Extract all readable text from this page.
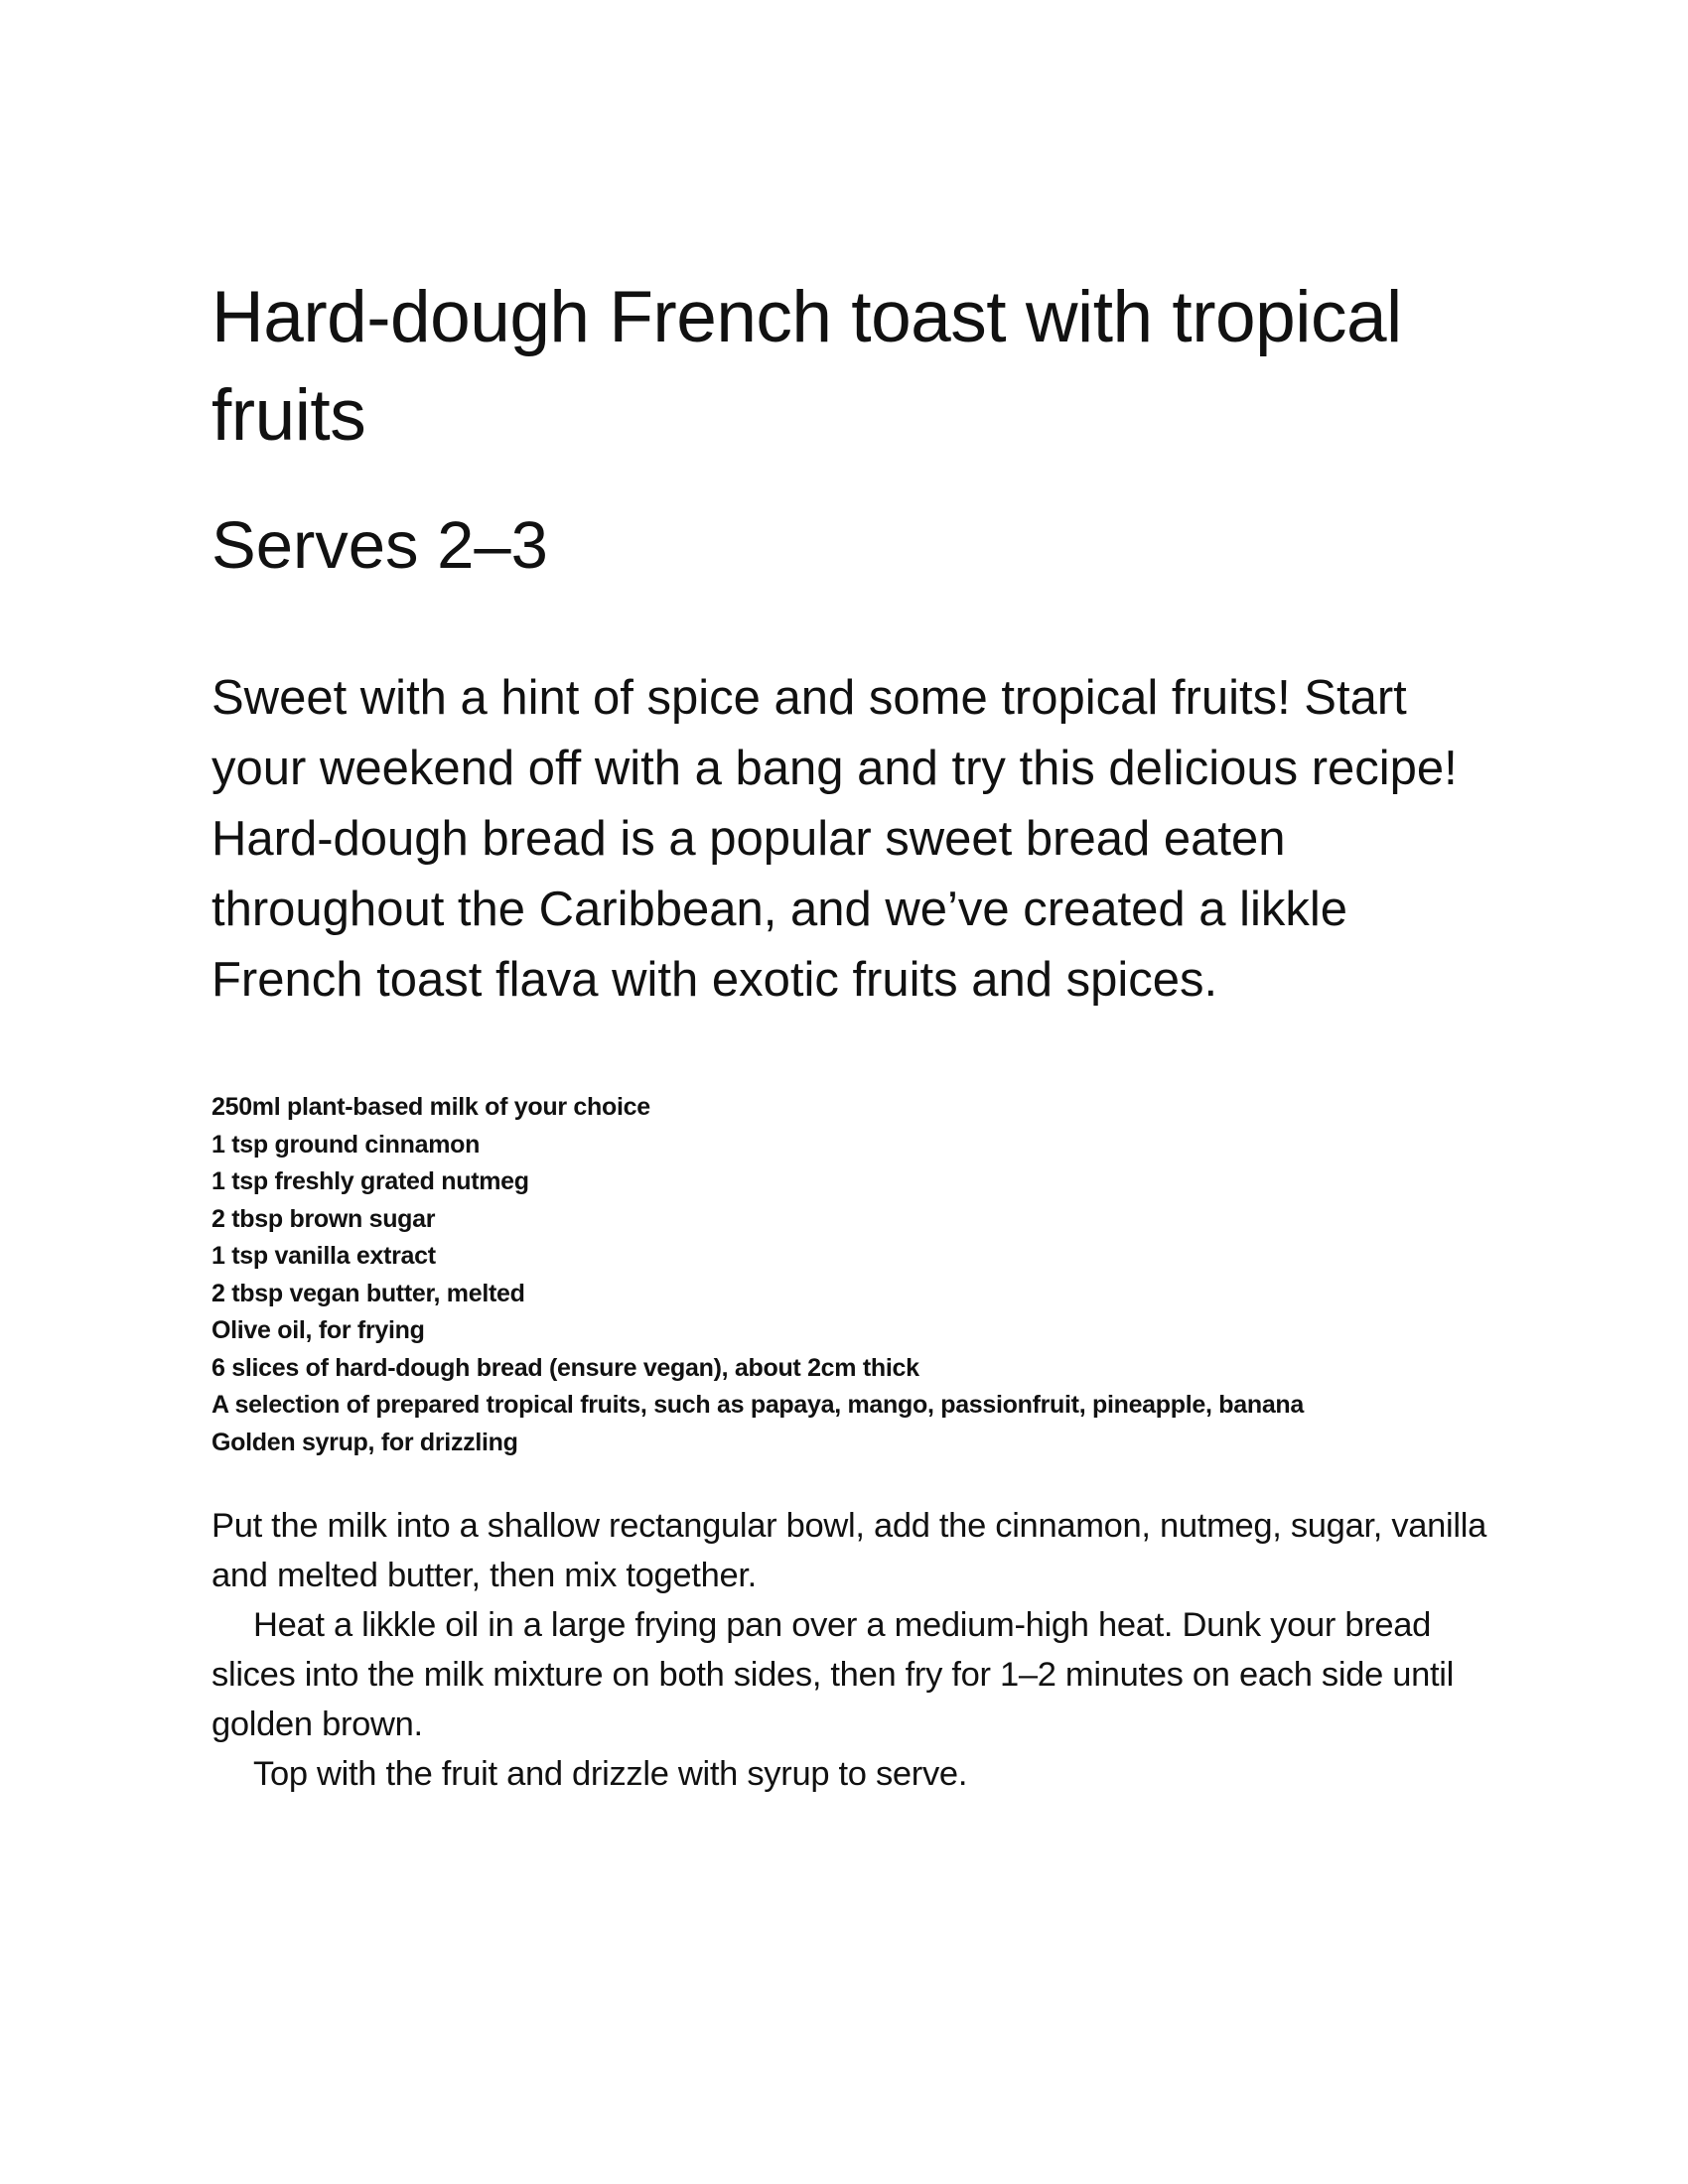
Hard-dough French toast with tropical fruits
Serves 2–3

Sweet with a hint of spice and some tropical fruits! Start your weekend off with a bang and try this delicious recipe! Hard-dough bread is a popular sweet bread eaten throughout the Caribbean, and we’ve created a likkle French toast flava with exotic fruits and spices.

250ml plant-based milk of your choice
1 tsp ground cinnamon
1 tsp freshly grated nutmeg
2 tbsp brown sugar
1 tsp vanilla extract
2 tbsp vegan butter, melted
Olive oil, for frying
6 slices of hard-dough bread (ensure vegan), about 2cm thick
A selection of prepared tropical fruits, such as papaya, mango, passionfruit, pineapple, banana
Golden syrup, for drizzling

Put the milk into a shallow rectangular bowl, add the cinnamon, nutmeg, sugar, vanilla and melted butter, then mix together.

Heat a likkle oil in a large frying pan over a medium-high heat. Dunk your bread slices into the milk mixture on both sides, then fry for 1–2 minutes on each side until golden brown.

Top with the fruit and drizzle with syrup to serve.
